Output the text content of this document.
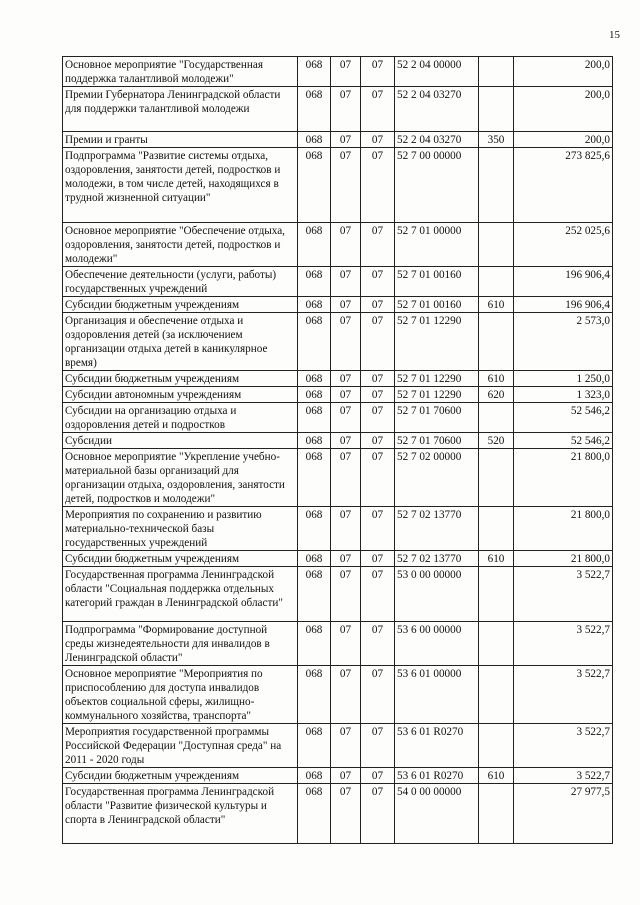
15
Основное мероприятие "Государственная поддержка талантливой молодежи"	068	07	07	52 2 04 00000		200,0
Премии Губернатора Ленинградской области для поддержки талантливой молодежи	068	07	07	52 2 04 03270		200,0
Премии и гранты	068	07	07	52 2 04 03270	350	200,0
Подпрограмма "Развитие системы отдыха, оздоровления, занятости детей, подростков и молодежи, в том числе детей, находящихся в трудной жизненной ситуации"	068	07	07	52 7 00 00000		273 825,6
Основное мероприятие "Обеспечение отдыха, оздоровления, занятости детей, подростков и молодежи"	068	07	07	52 7 01 00000		252 025,6
Обеспечение деятельности (услуги, работы) государственных учреждений	068	07	07	52 7 01 00160		196 906,4
Субсидии бюджетным учреждениям	068	07	07	52 7 01 00160	610	196 906,4
Организация и обеспечение отдыха и оздоровления детей (за исключением организации отдыха детей в каникулярное время)	068	07	07	52 7 01 12290		2 573,0
Субсидии бюджетным учреждениям	068	07	07	52 7 01 12290	610	1 250,0
Субсидии автономным учреждениям	068	07	07	52 7 01 12290	620	1 323,0
Субсидии на организацию отдыха и оздоровления детей и подростков	068	07	07	52 7 01 70600		52 546,2
Субсидии	068	07	07	52 7 01 70600	520	52 546,2
Основное мероприятие "Укрепление учебно-материальной базы организаций для организации отдыха, оздоровления, занятости детей, подростков и молодежи"	068	07	07	52 7 02 00000		21 800,0
Мероприятия по сохранению и развитию материально-технической базы государственных учреждений	068	07	07	52 7 02 13770		21 800,0
Субсидии бюджетным учреждениям	068	07	07	52 7 02 13770	610	21 800,0
Государственная программа Ленинградской области "Социальная поддержка отдельных категорий граждан в Ленинградской области"	068	07	07	53 0 00 00000		3 522,7
Подпрограмма "Формирование доступной среды жизнедеятельности для инвалидов в Ленинградской области"	068	07	07	53 6 00 00000		3 522,7
Основное мероприятие "Мероприятия по приспособлению для доступа инвалидов объектов социальной сферы, жилищно-коммунального хозяйства, транспорта"	068	07	07	53 6 01 00000		3 522,7
Мероприятия государственной программы Российской Федерации "Доступная среда" на 2011 - 2020 годы	068	07	07	53 6 01 R0270		3 522,7
Субсидии бюджетным учреждениям	068	07	07	53 6 01 R0270	610	3 522,7
Государственная программа Ленинградской области "Развитие физической культуры и спорта в Ленинградской области"	068	07	07	54 0 00 00000		27 977,5
